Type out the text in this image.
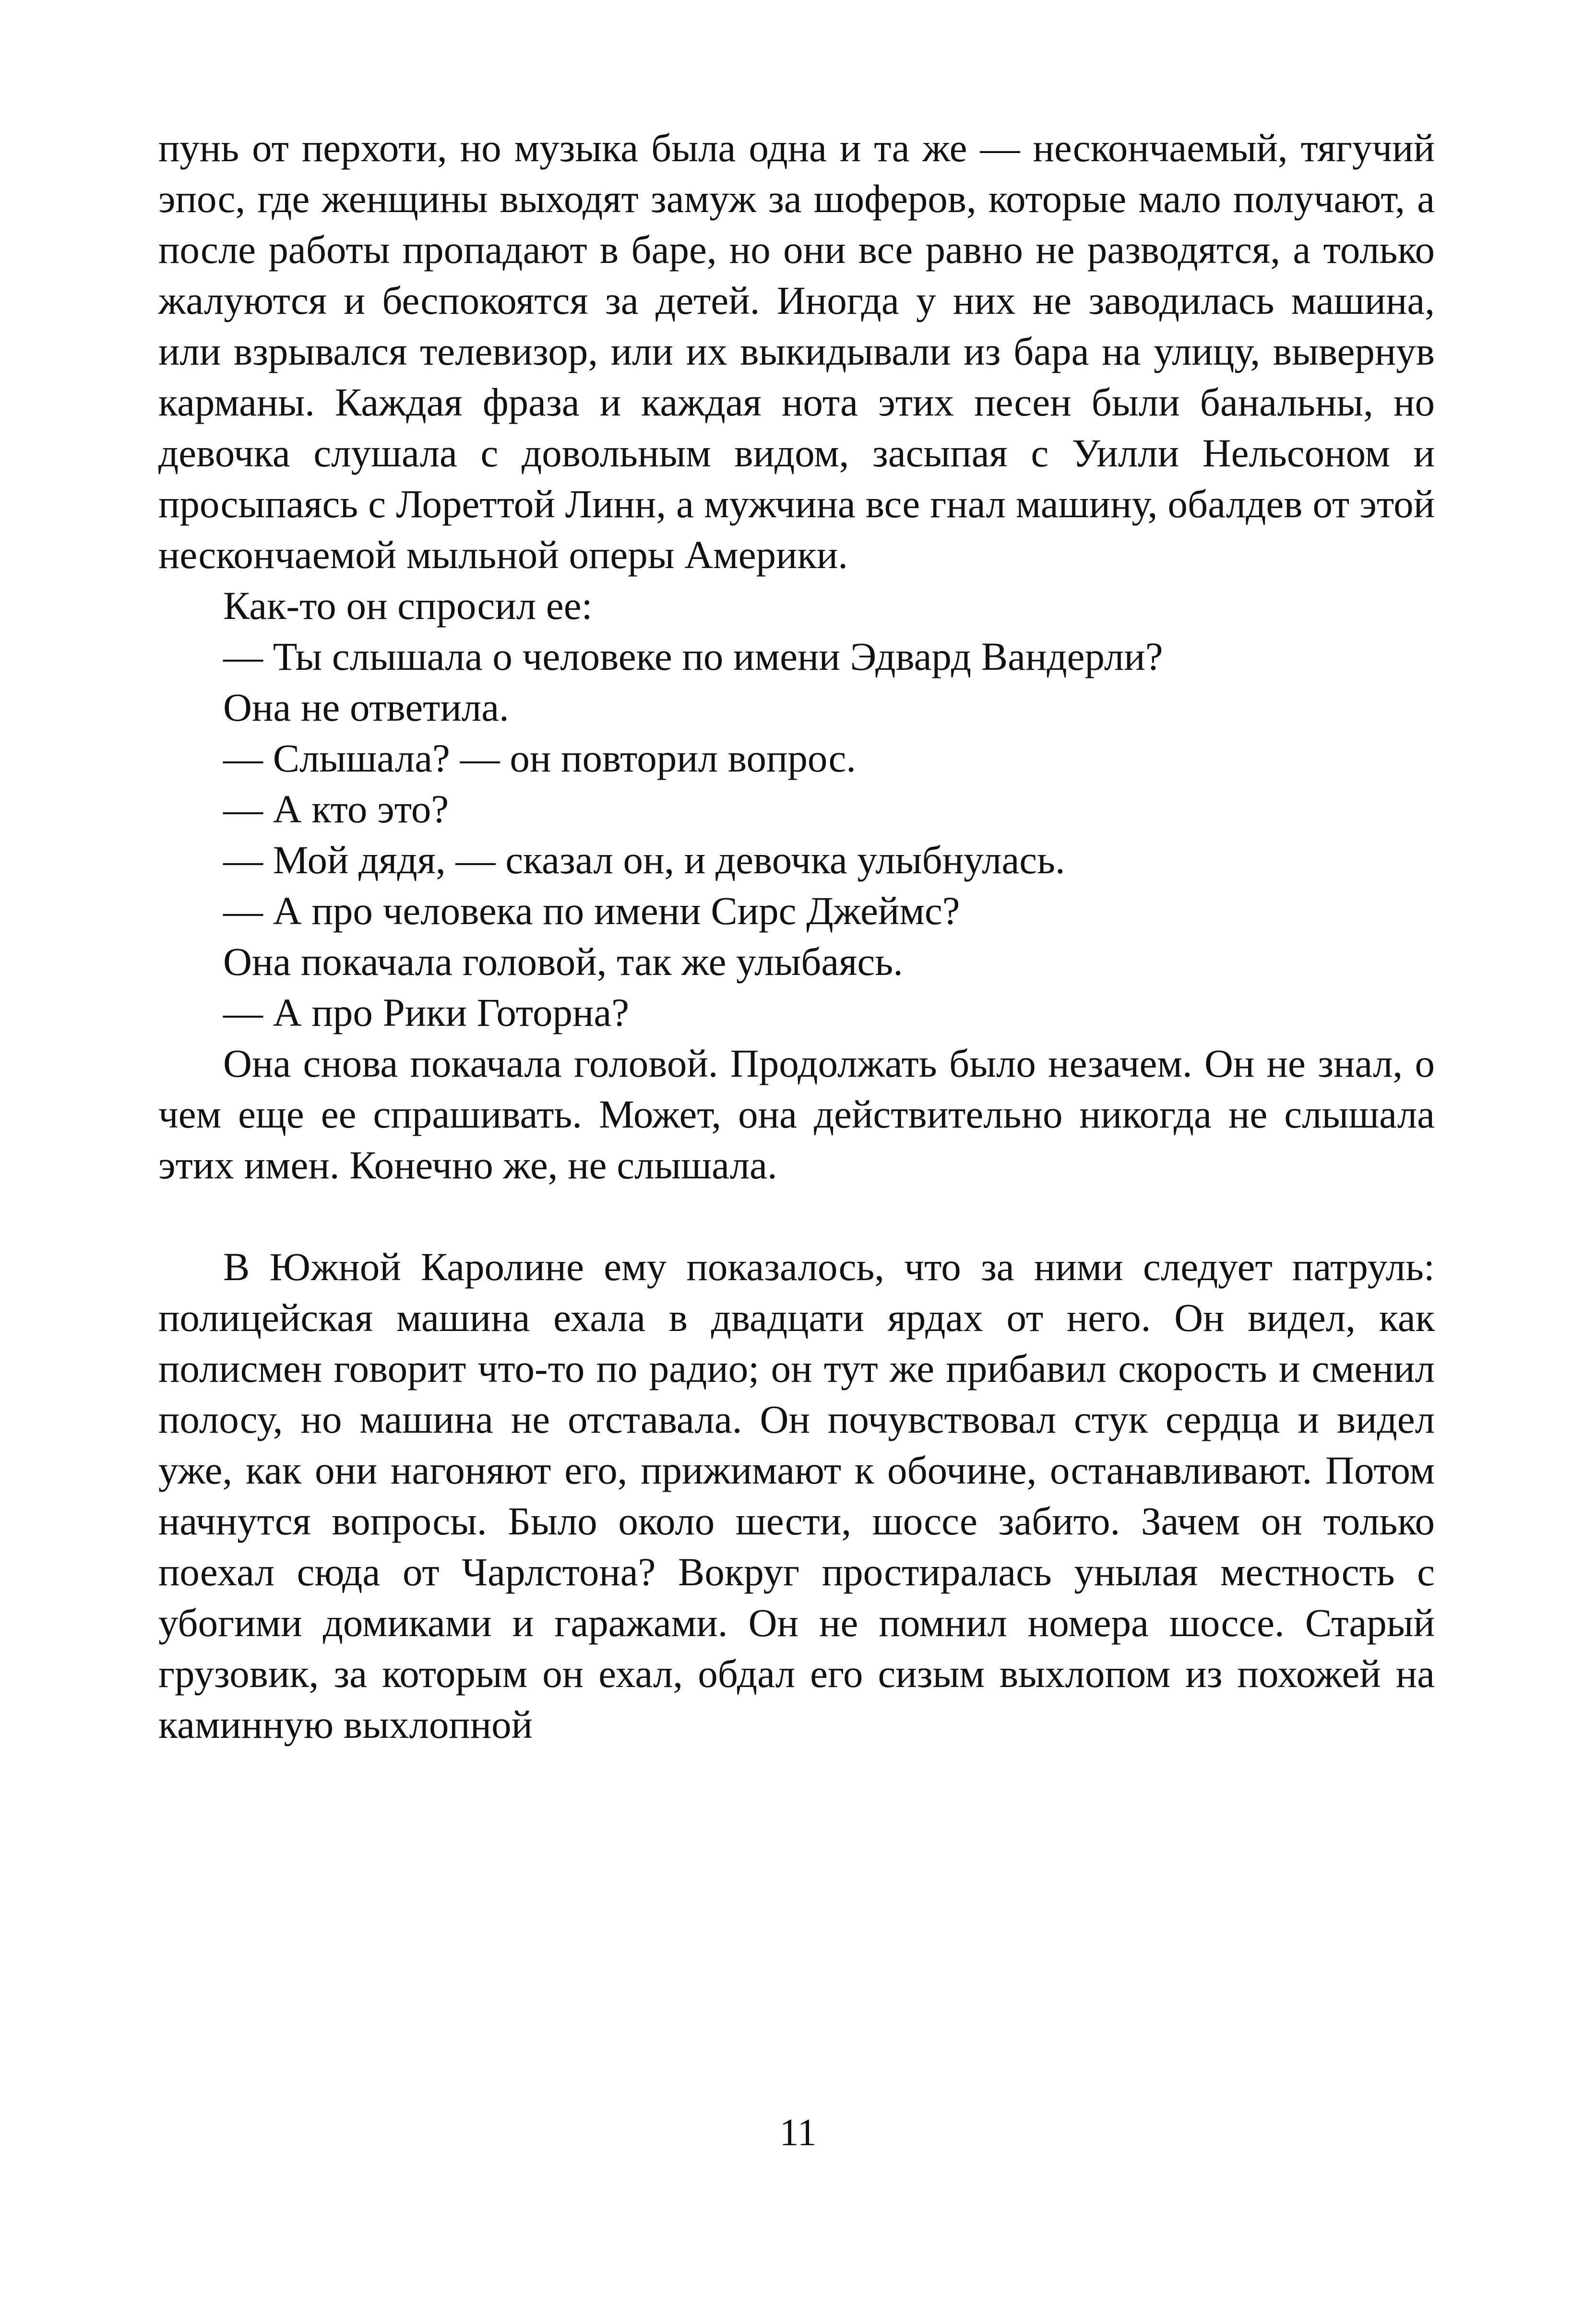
пунь от перхоти, но музыка была одна и та же — нескончаемый, тягучий эпос, где женщины выходят замуж за шоферов, которые мало получают, а после работы пропадают в баре, но они все равно не разводятся, а только жалуются и беспокоятся за детей. Иногда у них не заводилась машина, или взрывался телевизор, или их выкидывали из бара на улицу, вывернув карманы. Каждая фраза и каждая нота этих песен были банальны, но девочка слушала с довольным видом, засыпая с Уилли Нельсоном и просыпаясь с Лореттой Линн, а мужчина все гнал машину, обалдев от этой нескончаемой мыльной оперы Америки.

Как-то он спросил ее:

— Ты слышала о человеке по имени Эдвард Вандерли?

Она не ответила.

— Слышала? — он повторил вопрос.

— А кто это?

— Мой дядя, — сказал он, и девочка улыбнулась.

— А про человека по имени Сирс Джеймс?

Она покачала головой, так же улыбаясь.

— А про Рики Готорна?

Она снова покачала головой. Продолжать было незачем. Он не знал, о чем еще ее спрашивать. Может, она действительно никогда не слышала этих имен. Конечно же, не слышала.

В Южной Каролине ему показалось, что за ними следует патруль: полицейская машина ехала в двадцати ярдах от него. Он видел, как полисмен говорит что-то по радио; он тут же прибавил скорость и сменил полосу, но машина не отставала. Он почувствовал стук сердца и видел уже, как они нагоняют его, прижимают к обочине, останавливают. Потом начнутся вопросы. Было около шести, шоссе забито. Зачем он только поехал сюда от Чарлстона? Вокруг простиралась унылая местность с убогими домиками и гаражами. Он не помнил номера шоссе. Старый грузовик, за которым он ехал, обдал его сизым выхлопом из похожей на каминную выхлопной

11
